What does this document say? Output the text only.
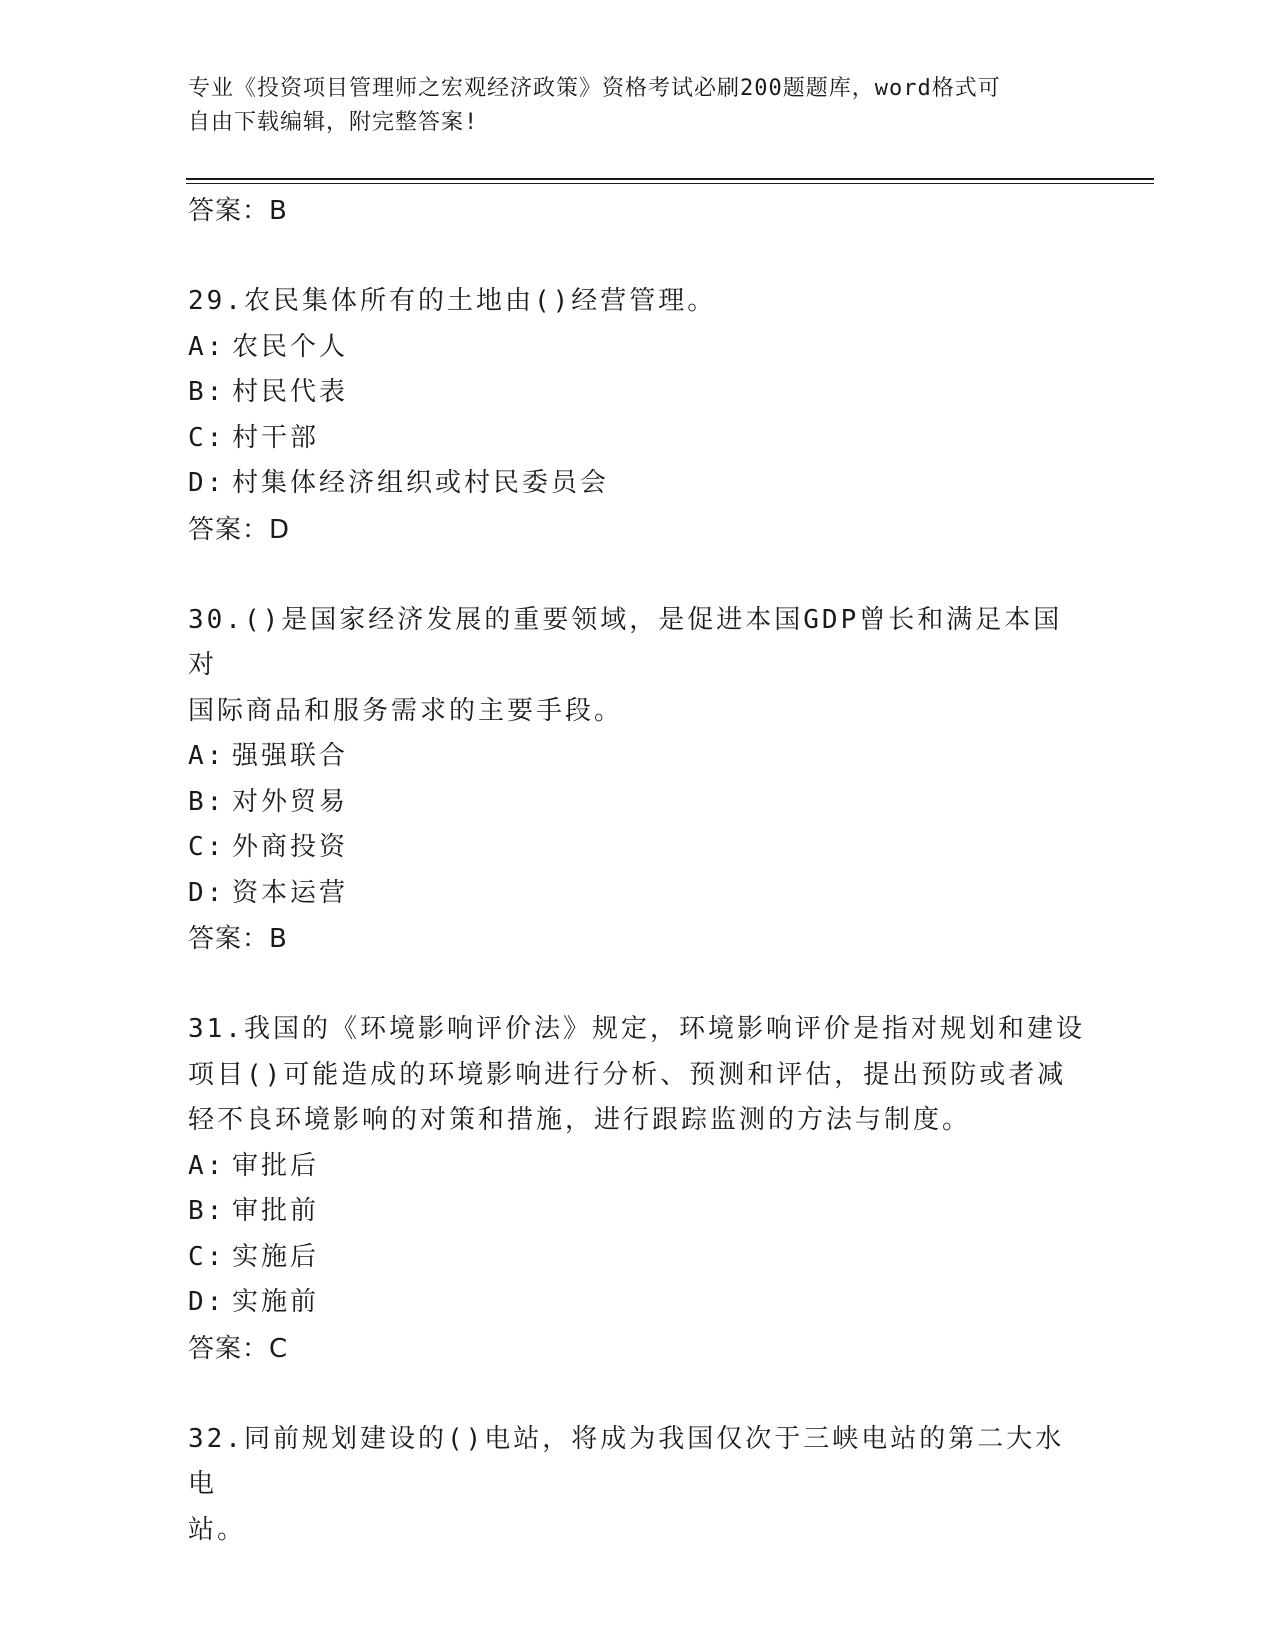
专业《投资项目管理师之宏观经济政策》资格考试必刷200题题库，word格式可
自由下载编辑，附完整答案!
答案：B

29.农民集体所有的土地由()经营管理。

A: 农民个人
B: 村民代表
C: 村干部
D: 村集体经济组织或村民委员会
答案：D

30.()是国家经济发展的重要领域，是促进本国GDP曾长和满足本国对

国际商品和服务需求的主要手段。

A: 强强联合
B: 对外贸易
C: 外商投资
D: 资本运营
答案：B

31.我国的《环境影响评价法》规定，环境影响评价是指对规划和建设

项目()可能造成的环境影响进行分析、预测和评估，提出预防或者减

轻不良环境影响的对策和措施，进行跟踪监测的方法与制度。

A: 审批后
B: 审批前
C: 实施后
D: 实施前
答案：C

32.同前规划建设的()电站，将成为我国仅次于三峡电站的第二大水电

站。
